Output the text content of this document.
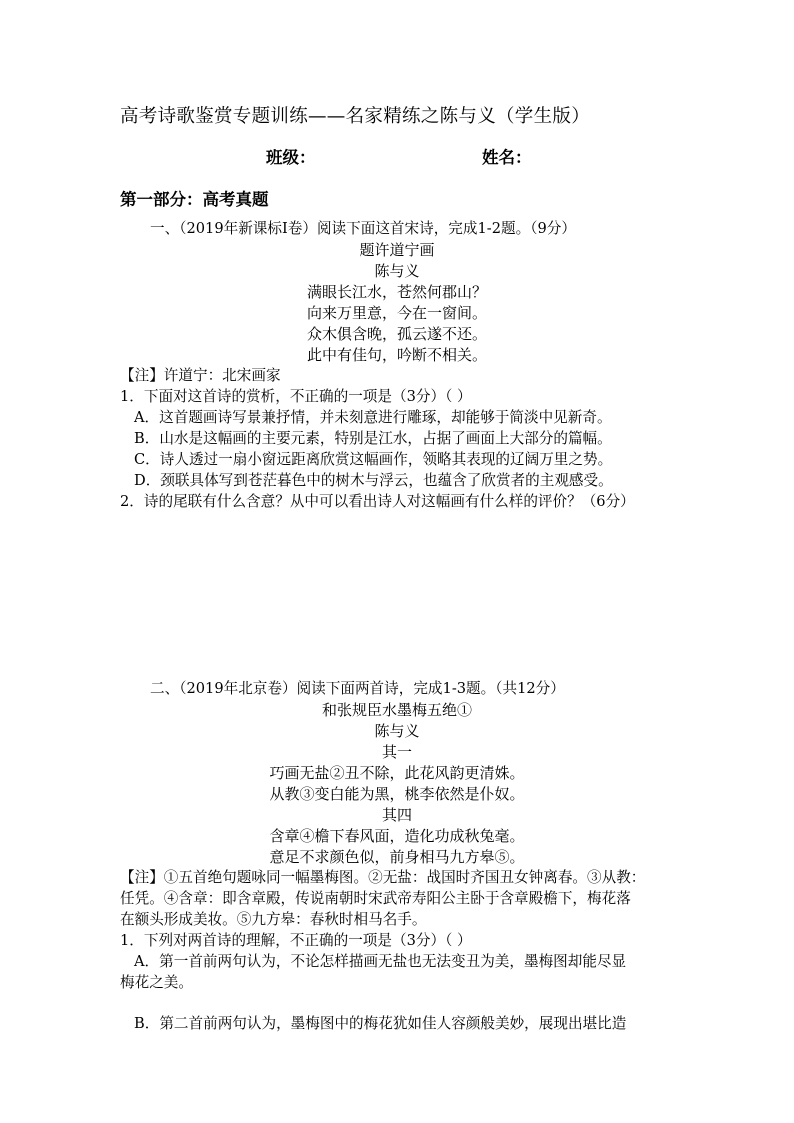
高考诗歌鉴赏专题训练——名家精练之陈与义（学生版）
班级：	姓名：
第一部分：高考真题
一、（2019年新课标Ⅰ卷）阅读下面这首宋诗，完成1-2题。（9分）
题许道宁画
陈与义
满眼长江水，苍然何郡山？
向来万里意，今在一窗间。
众木俱含晚，孤云遂不还。
此中有佳句，吟断不相关。
【注】许道宁：北宋画家
1．下面对这首诗的赏析，不正确的一项是（3分）（ ）
A．这首题画诗写景兼抒情，并未刻意进行雕琢，却能够于简淡中见新奇。
B．山水是这幅画的主要元素，特别是江水，占据了画面上大部分的篇幅。
C．诗人透过一扇小窗远距离欣赏这幅画作，领略其表现的辽阔万里之势。
D．颈联具体写到苍茫暮色中的树木与浮云，也蕴含了欣赏者的主观感受。
2．诗的尾联有什么含意？从中可以看出诗人对这幅画有什么样的评价？（6分）
二、（2019年北京卷）阅读下面两首诗，完成1-3题。（共12分）
和张规臣水墨梅五绝①
陈与义
其一
巧画无盐②丑不除，此花风韵更清姝。
从教③变白能为黑，桃李依然是仆奴。
其四
含章④檐下春风面，造化功成秋兔毫。
意足不求颜色似，前身相马九方皋⑤。
【注】①五首绝句题咏同一幅墨梅图。②无盐：战国时齐国丑女钟离春。③从教：
任凭。④含章：即含章殿，传说南朝时宋武帝寿阳公主卧于含章殿檐下，梅花落
在额头形成美妆。⑤九方皋：春秋时相马名手。
1．下列对两首诗的理解，不正确的一项是（3分）（ ）
A．第一首前两句认为，不论怎样描画无盐也无法变丑为美，墨梅图却能尽显
梅花之美。
B．第二首前两句认为，墨梅图中的梅花犹如佳人容颜般美妙，展现出堪比造
